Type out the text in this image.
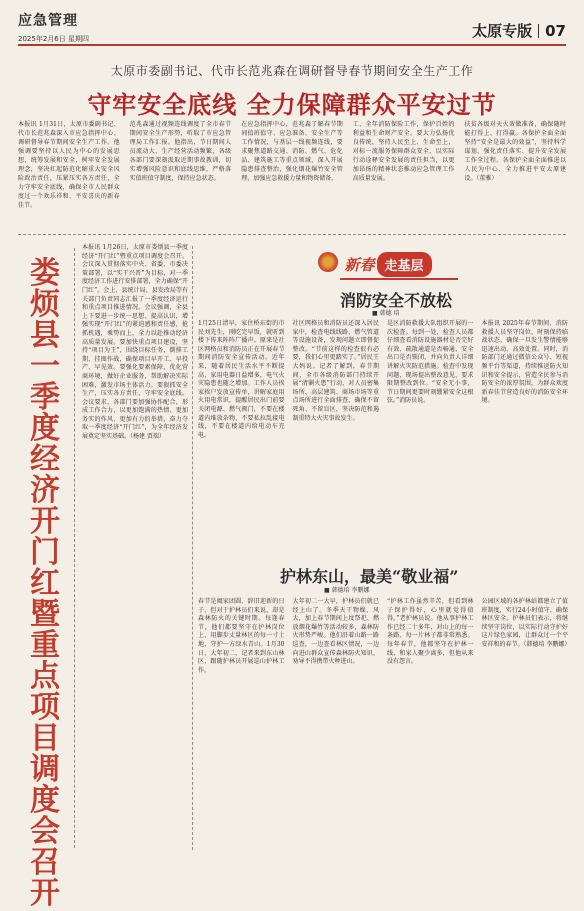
应急管理
2025年2月6日 星期四	太原专版 07
太原市委副书记、代市长范兆森在调研督导春节期间安全生产工作
守牢安全底线 全力保障群众平安过节
本报讯 1月31日，太原市委副书记、代市长范兆森深入市应急指挥中心、调研督导春节期间安全生产工作。他强调要坚持以人民为中心的发展思想，统筹发展和安全，树牢安全发展理念，坚决扛起防范化解重大安全风险政治责任，压紧压实各方责任，全力守牢安全底线，确保全市人民群众度过一个欢乐祥和、平安喜庆的新春佳节。
范兆森通过视频连线调度了全市春节期间安全生产形势，听取了市应急管理局工作汇报。他指出，节日期间人员流动大、生产经营活动频繁，各级各部门要深刻汲取近期事故教训，切实增强风险意识和底线思维，严格落实值班值守制度，保持应急状态。
在应急指挥中心，范兆森了解春节期间值班值守、应急准备、安全生产等工作情况，与基层一线视频连线，要求聚焦道路交通、消防、燃气、危化品、建筑施工等重点领域，深入开展隐患排查整治，强化烟花爆竹安全管理，加强应急救援力量和物资储备。
工、全年消防保险工作，保护百姓的利益和生命财产安全。要大力弘扬优良传统，坚持人民至上、生命至上，对标一流服务保障群众安全，以实际行动诠释安全发展的责任担当，以更加昂扬的精神状态推动应急管理工作高质量发展。
扶贫各级对天火效做准备，确保随时能打得上、打得赢。各保护全面全面坚持“安全是最大的效益”，坚持科学谋划、强化责任落实、提升安全发展工作全过程。各保护全面全面推进以人民为中心、全力推进平安太原建设。（董雅）
娄烦县 一季度经济开门红暨重点项目调度会召开
本报讯 1月26日，太原市娄烦县一季度经济“开门红”暨重点项目调度会召开。会议深入贯彻落实中央、省委、市委决策部署，以“实干兴晋”为目标，对一季度经济工作进行安排部署，全力确保“开门红”。会上，县统计局、县发改局等有关部门负责同志汇报了一季度经济运行和重点项目推进情况。会议强调，全县上下要进一步统一思想、提高认识，增强实现“开门红”的紧迫感和责任感，抢抓机遇，乘势而上，全力以赴推动经济高质量发展。要加快重点项目建设，坚持“项目为王”，围绕目标任务，倒排工期、挂图作战，确保项目早开工、早投产、早见效。要强化要素保障，优化营商环境，做好企业服务，帮助解决实际困难，激发市场主体活力。要狠抓安全生产，压实各方责任，守牢安全底线。会议要求，各部门要加强协作配合，形成工作合力，以更加饱满的热情、更加务实的作风、更加有力的举措，奋力夺取一季度经济“开门红”，为全年经济发展奠定坚实基础。（杨建 贾瑞）
新春 走基层
消防安全不放松
■ 韩德 培
1月25日清早，家住桥东街的市民刘先生，刚吃完早饭，就听到楼下传来阵阵广播声。原来是社区网格员和消防员正在开展春节期间消防安全宣传活动。近年来，随着居民生活水平不断提高，家用电器日益增多，电气火灾隐患也随之增加。工作人员挨家挨户发放宣传单，讲解家庭用火用电常识，提醒居民出门前要关闭电源、燃气阀门，不要在楼道内堆放杂物，不要私拉乱接电线，不要在楼道内给电动车充电。
社区网格员和消防员还深入居民家中，检查电线线路、燃气管道等设施设备，发现问题立即督促整改。“节前这样的检查很有必要，我们心里更踏实了。”居民王大妈说。记者了解到，春节期间，全市各级消防部门持续开展“清剿火患”行动，对人员密集场所、高层建筑、商场市场等重点场所进行全面排查，确保不留死角、不留盲区，坚决防范和遏制重特大火灾事故发生。
是区消防救援大队组织开展的一次检查。每到一处，检查人员都仔细查看消防设施器材是否完好有效、疏散通道是否畅通、安全出口是否锁闭，并向负责人详细讲解火灾防范措施。检查中发现问题，现场提出整改意见，要求限期整改到位。“安全无小事，节日期间更要时刻绷紧安全这根弦。”消防员说。
本报讯 2025年春节期间，消防救援人员坚守岗位，时刻保持临战状态，确保一旦发生警情能够迅速出动、高效处置。同时，消防部门还通过微信公众号、短视频平台等渠道，持续推送防火知识和安全提示，营造全民参与消防安全的浓厚氛围，为群众欢度新春佳节营造良好的消防安全环境。
护林东山，最美“敬业福”
■ 韩德培 李鹏娜
春节是阖家团圆、辞旧迎新的日子，但对于护林员们来说，却是森林防火的关键时期。每逢春节，他们都要坚守在护林岗位上，用脚步丈量林区的每一寸土地，守护一方绿水青山。1月30日，大年初二，记者来到东山林区，跟随护林员开展巡山护林工作。
大年初二一大早，护林员们就已经上山了。冬季天干物燥，风大，加上春节期间上坟祭祀、燃放烟花爆竹等活动较多，森林防火形势严峻。他们沿着山路一路巡查，一边查看林区情况，一边向进山群众宣传森林防火知识，劝导不得携带火种进山。
“护林工作虽然辛苦，但看到林子保护得好，心里就觉得值得。”老护林员说。他从事护林工作已经二十多年，对山上的每一条路、每一片林子都非常熟悉。每年春节，他都坚守在护林一线，和家人聚少离多，但他从来没有怨言。
公园区域的各护林站都建立了值班制度，实行24小时值守，确保林区安全。护林员们表示，将继续坚守岗位，以实际行动守护好这片绿色家园，让群众过一个平安祥和的春节。（韩德培 李鹏娜）
